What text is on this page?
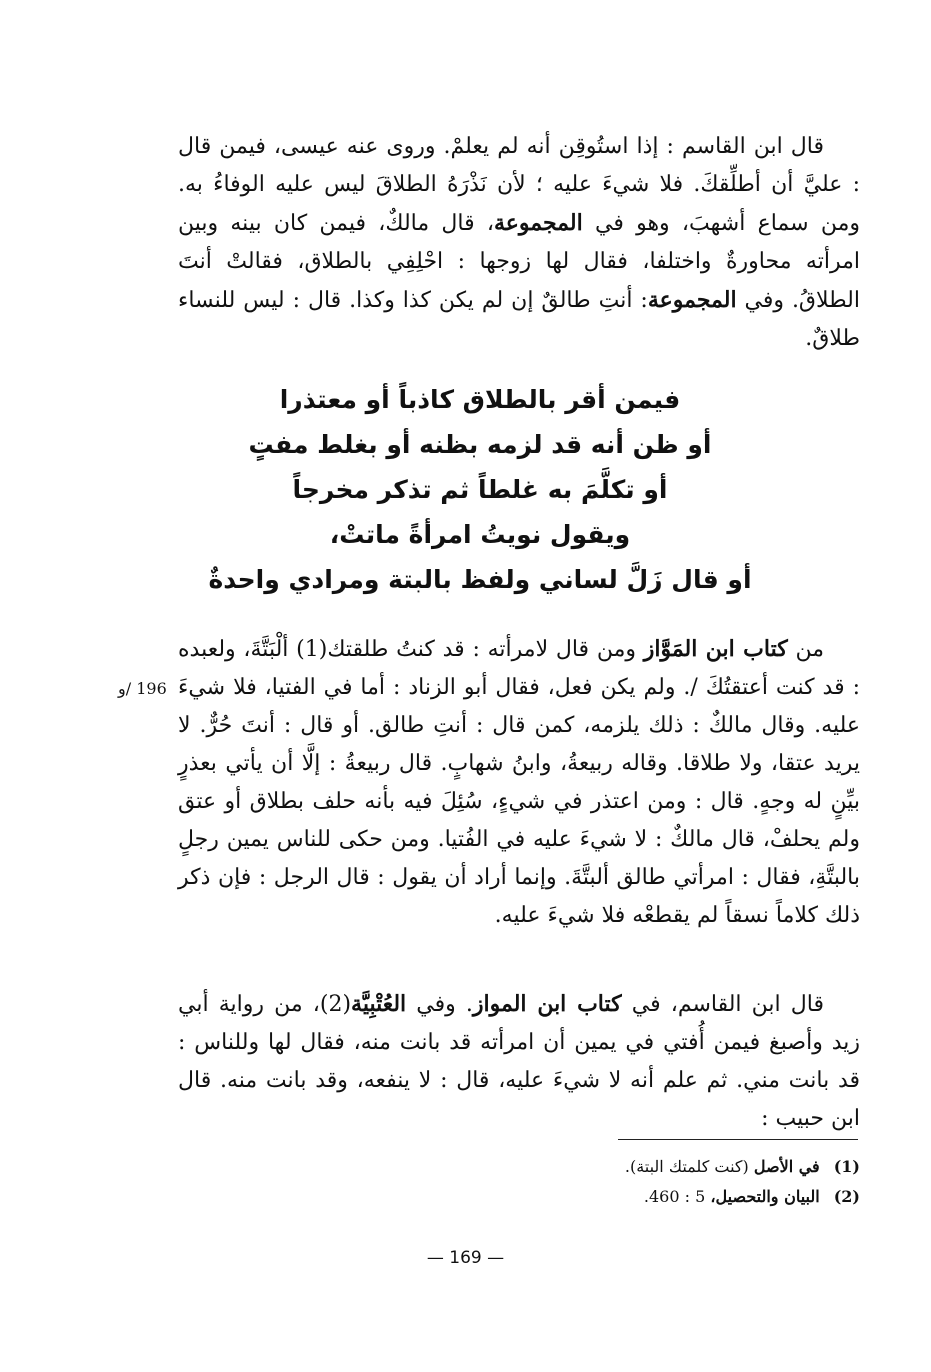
قال ابن القاسم : إذا استُوقِن أنه لم يعلمْ. وروى عنه عيسى، فيمن قال : عليَّ أن أطلِّقكَ. فلا شيءَ عليه ؛ لأن نَذْرَهُ الطلاقَ ليس عليه الوفاءُ به. ومن سماع أشهبَ، وهو في المجموعة، قال مالكٌ، فيمن كان بينه وبين امرأته محاورةٌ واختلفا، فقال لها زوجها : احْلِفِي بالطلاق، فقالتْ أنتَ الطلاقُ. وفي المجموعة: أنتِ طالقٌ إن لم يكن كذا وكذا. قال : ليس للنساء طلاقٌ.

فيمن أقر بالطلاق كاذباً أو معتذرا
أو ظن أنه قد لزمه بظنه أو بغلط مفتٍ
أو تكلَّمَ به غلطاً ثم تذكر مخرجاً
ويقول نويتُ امرأةً ماتتْ،
أو قال زَلَّ لساني ولفظ بالبتة ومرادي واحدةٌ

من كتاب ابن المَوَّاز ومن قال لامرأته : قد كنتُ طلقتك(1) ألْبَتَّةَ، ولعبده : قد كنت أعتقتُكَ /. ولم يكن فعل، فقال أبو الزناد : أما في الفتيا، فلا شيءَ عليه. وقال مالكٌ : ذلك يلزمه، كمن قال : أنتِ طالق. أو قال : أنتَ حُرٌّ. لا يريد عتقا، ولا طلاقا. وقاله ربيعةُ، وابنُ شهابٍ. قال ربيعةُ : إلَّا أن يأتي بعذرٍ بيِّنٍ له وجهٍ. قال : ومن اعتذر في شيءٍ، سُئِلَ فيه بأنه حلف بطلاق أو عتق ولم يحلفْ، قال مالكٌ : لا شيءَ عليه في الفُتيا. ومن حكى للناس يمين رجلٍ بالبتَّةِ، فقال : امرأتي طالق ألبتَّةَ. وإنما أراد أن يقول : قال الرجل : فإن ذكر ذلك كلاماً نسقاً لم يقطعْه فلا شيءَ عليه.

196 /و

قال ابن القاسم، في كتاب ابن المواز. وفي العُتْبِيَّة(2)، من رواية أبي زيد وأصبغ فيمن أُفتي في يمين أن امرأته قد بانت منه، فقال لها وللناس : قد بانت مني. ثم علم أنه لا شيءَ عليه، قال : لا ينفعه، وقد بانت منه. قال ابن حبيب :

(1)في الأصل (كنت كلمتك البتة).
(2)البيان والتحصيل، 5 : 460.
— 169 —
